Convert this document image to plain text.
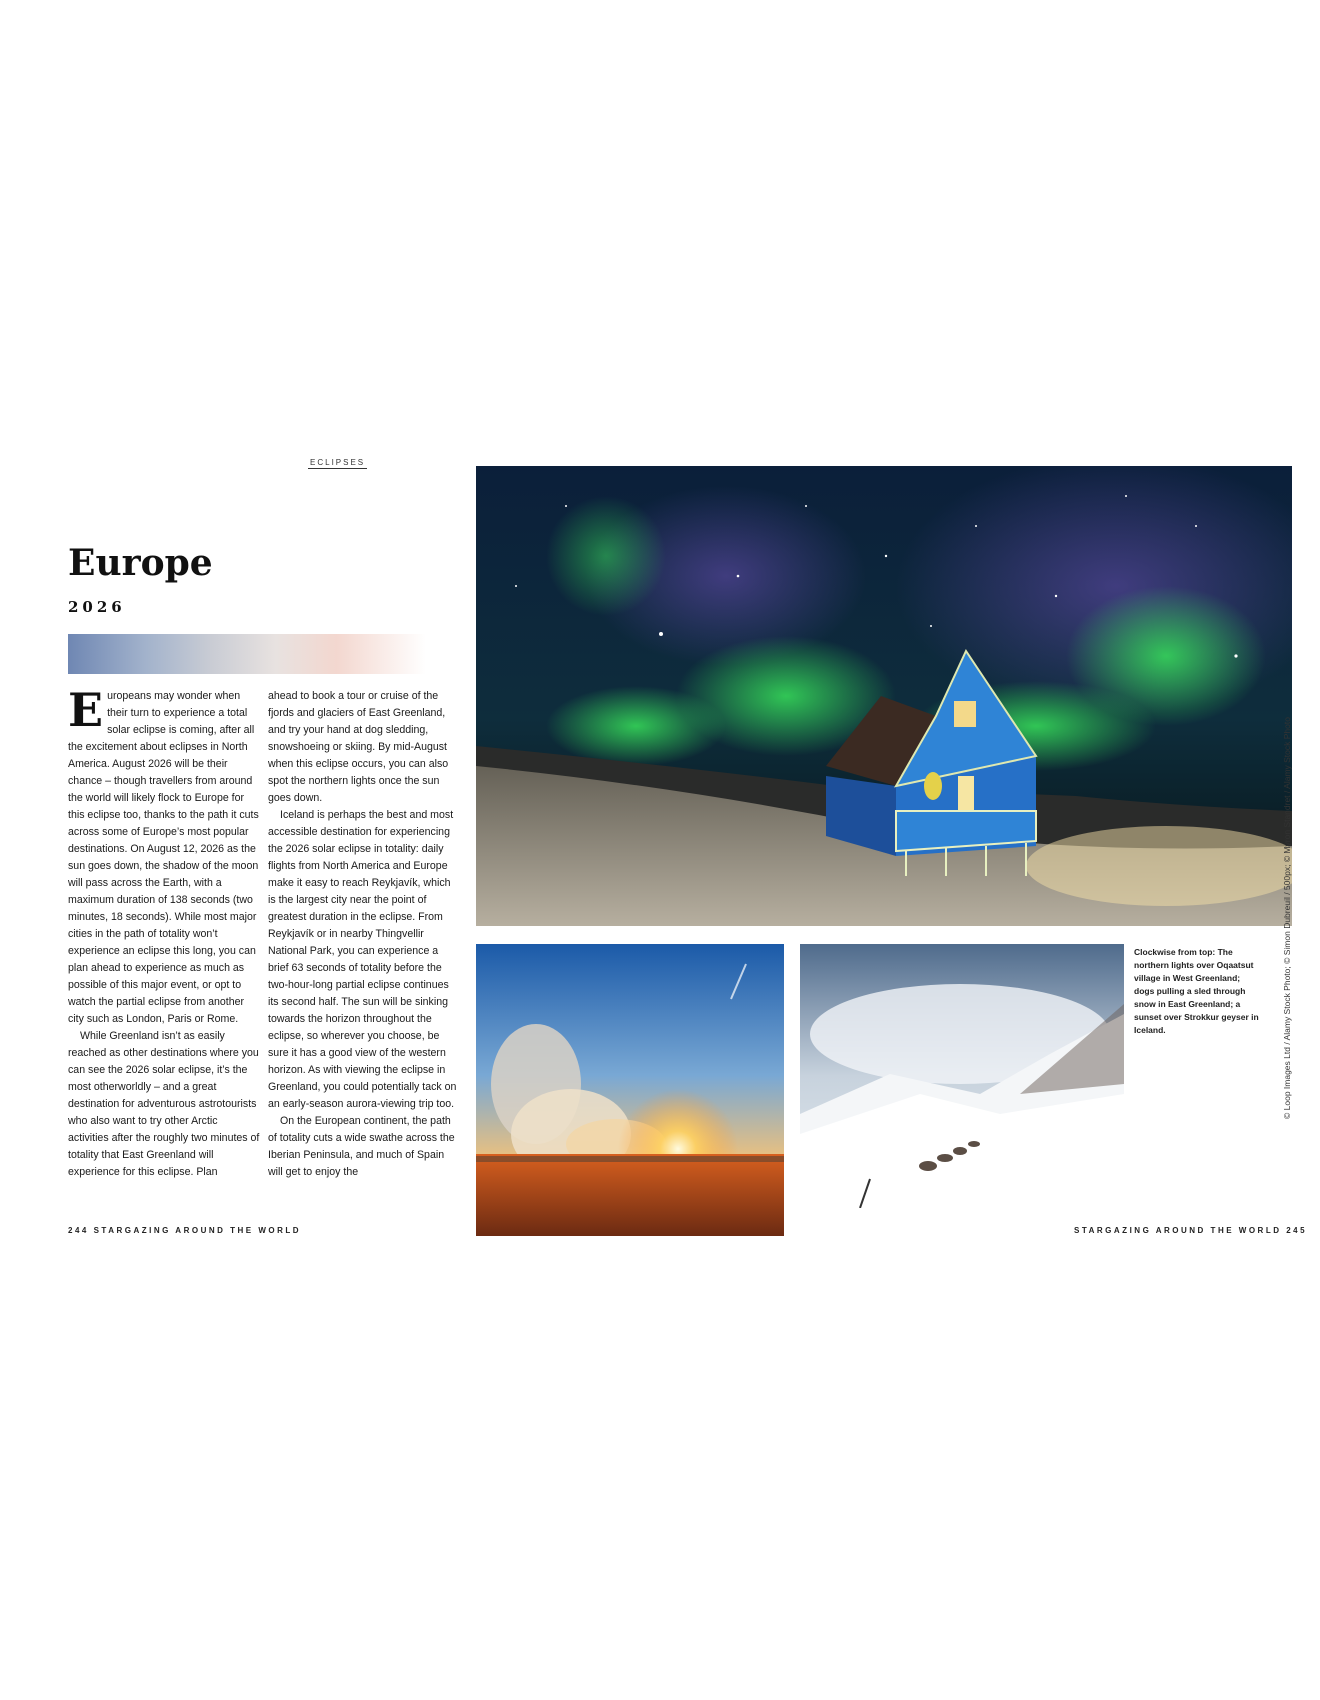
ECLIPSES
Europe
2026

Europeans may wonder when their turn to experience a total solar eclipse is coming, after all the excitement about eclipses in North America. August 2026 will be their chance – though travellers from around the world will likely flock to Europe for this eclipse too, thanks to the path it cuts across some of Europe’s most popular destinations. On August 12, 2026 as the sun goes down, the shadow of the moon will pass across the Earth, with a maximum duration of 138 seconds (two minutes, 18 seconds). While most major cities in the path of totality won’t experience an eclipse this long, you can plan ahead to experience as much as possible of this major event, or opt to watch the partial eclipse from another city such as London, Paris or Rome.

While Greenland isn’t as easily reached as other destinations where you can see the 2026 solar eclipse, it’s the most otherworldly – and a great destination for adventurous astrotourists who also want to try other Arctic activities after the roughly two minutes of totality that East Greenland will experience for this eclipse. Plan

ahead to book a tour or cruise of the fjords and glaciers of East Greenland, and try your hand at dog sledding, snowshoeing or skiing. By mid-August when this eclipse occurs, you can also spot the northern lights once the sun goes down.

Iceland is perhaps the best and most accessible destination for experiencing the 2026 solar eclipse in totality: daily flights from North America and Europe make it easy to reach Reykjavík, which is the largest city near the point of greatest duration in the eclipse. From Reykjavík or in nearby Thingvellir National Park, you can experience a brief 63 seconds of totality before the two-hour-long partial eclipse continues its second half. The sun will be sinking towards the horizon throughout the eclipse, so wherever you choose, be sure it has a good view of the western horizon. As with viewing the eclipse in Greenland, you could potentially tack on an early-season aurora-viewing trip too.

On the European continent, the path of totality cuts a wide swathe across the Iberian Peninsula, and much of Spain will get to enjoy the

244 STARGAZING AROUND THE WORLD	STARGAZING AROUND THE WORLD 245
© Loop Images Ltd / Alamy Stock Photo; © Simon Dubreuil / 500px; © Myron Standret / Alamy Stock Photo
Clockwise from top: The northern lights over Oqaatsut village in West Greenland; dogs pulling a sled through snow in East Greenland; a sunset over Strokkur geyser in Iceland.
